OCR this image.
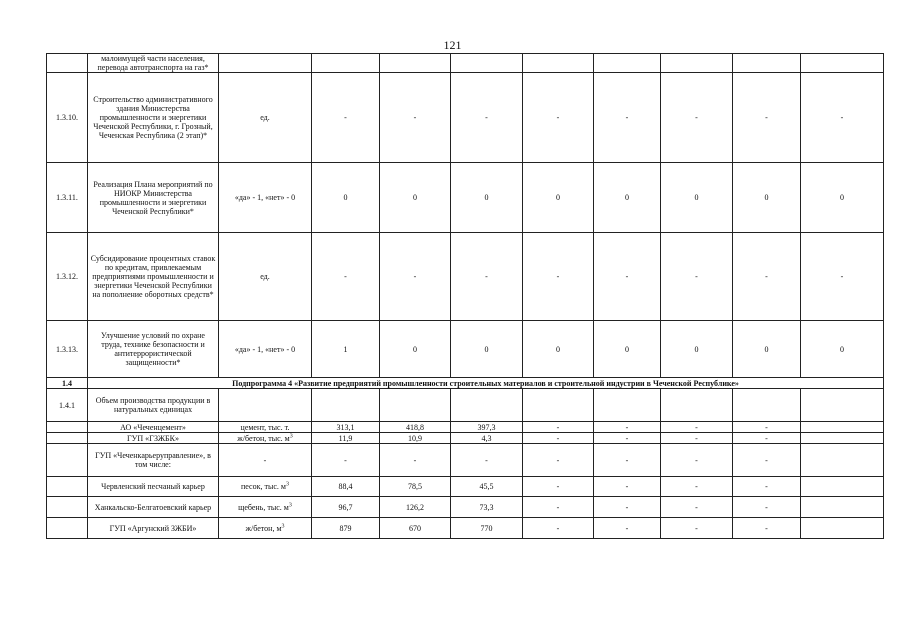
121
	малоимущей части населения, перевода автотранспорта на газ*									
1.3.10.	Строительство административного здания Министерства промышленности и энергетики Чеченской Республики, г. Грозный, Чеченская Республика (2 этап)*	ед.	-	-	-	-	-	-	-	-
1.3.11.	Реализация Плана мероприятий по НИОКР Министерства промышленности и энергетики Чеченской Республики*	«да» - 1, «нет» - 0	0	0	0	0	0	0	0	0
1.3.12.	Субсидирование процентных ставок по кредитам, привлекаемым предприятиями промышленности и энергетики Чеченской Республики на пополнение оборотных средств*	ед.	-	-	-	-	-	-	-	-
1.3.13.	Улучшение условий по охране труда, технике безопасности и антитеррористической защищенности*	«да» - 1, «нет» - 0	1	0	0	0	0	0	0	0
1.4	Подпрограмма 4 «Развитие предприятий промышленности строительных материалов и строительной индустрии в Чеченской Республике»									
1.4.1	Объем производства продукции в натуральных единицах									
	АО «Чеченцемент»	цемент, тыс. т.	313,1	418,8	397,3	-	-	-	-	
	ГУП «ГЗЖБК»	ж/бетон, тыс. $м^3$	11,9	10,9	4,3	-	-	-	-	
	ГУП «Чеченкарьеруправление», в том числе:	-	-	-	-	-	-	-	-	
	Червленский песчаный карьер	песок, тыс. $м^3$	88,4	78,5	45,5	-	-	-	-	
	Ханкальско-Белгатоевский карьер	щебень, тыс. $м^3$	96,7	126,2	73,3	-	-	-	-	
	ГУП «Аргунский ЗЖБИ»	ж/бетон, $м^3$	879	670	770	-	-	-	-	
